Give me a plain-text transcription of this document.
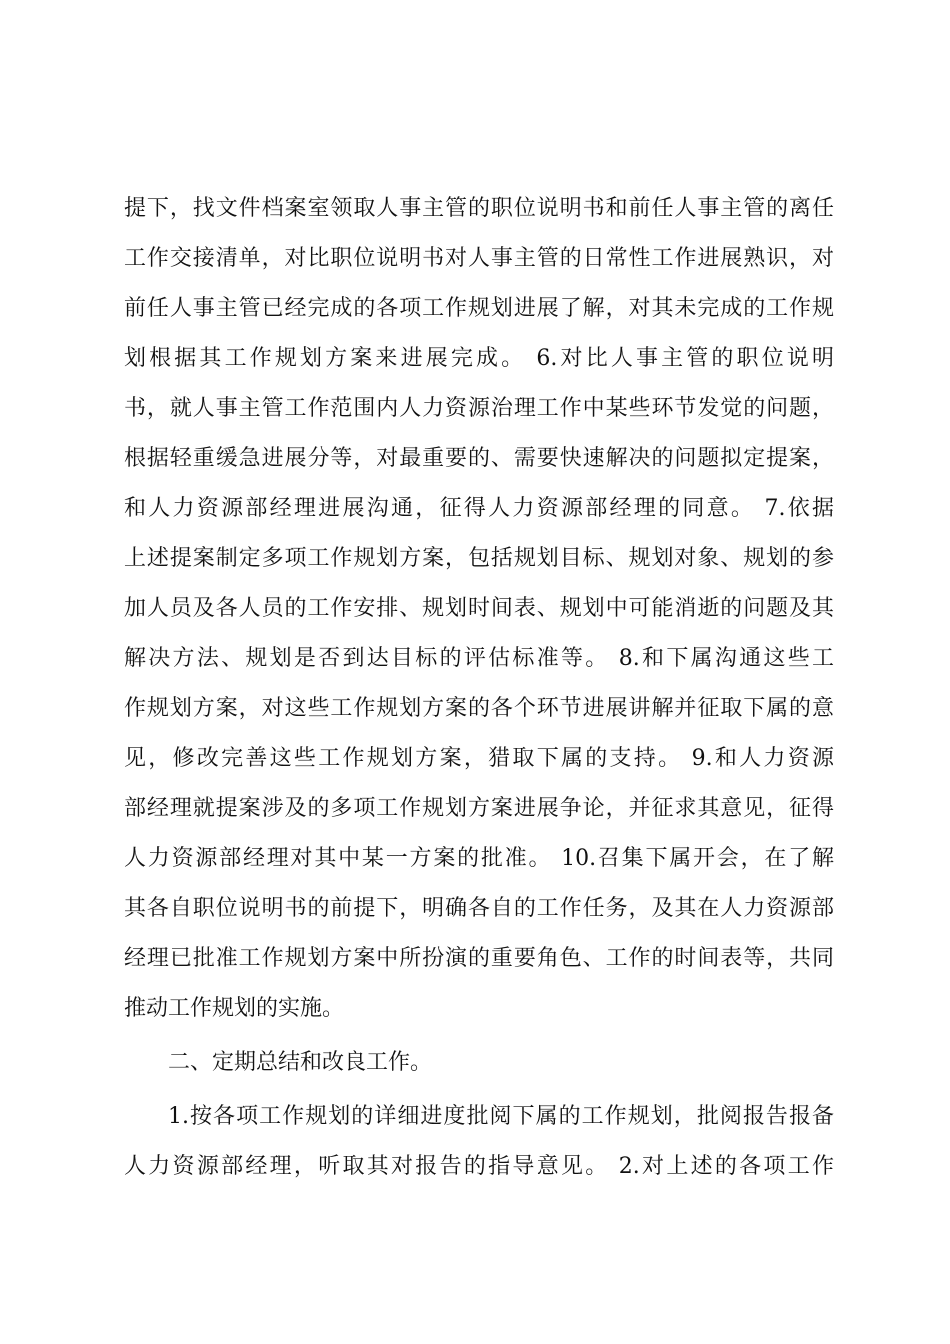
提下，找文件档案室领取人事主管的职位说明书和前任人事主管的离任
工作交接清单，对比职位说明书对人事主管的日常性工作进展熟识，对
前任人事主管已经完成的各项工作规划进展了解，对其未完成的工作规
划根据其工作规划方案来进展完成。 6.对比人事主管的职位说明
书，就人事主管工作范围内人力资源治理工作中某些环节发觉的问题，
根据轻重缓急进展分等，对最重要的、需要快速解决的问题拟定提案，
和人力资源部经理进展沟通，征得人力资源部经理的同意。 7.依据
上述提案制定多项工作规划方案，包括规划目标、规划对象、规划的参
加人员及各人员的工作安排、规划时间表、规划中可能消逝的问题及其
解决方法、规划是否到达目标的评估标准等。 8.和下属沟通这些工
作规划方案，对这些工作规划方案的各个环节进展讲解并征取下属的意
见，修改完善这些工作规划方案，猎取下属的支持。 9.和人力资源
部经理就提案涉及的多项工作规划方案进展争论，并征求其意见，征得
人力资源部经理对其中某一方案的批准。 10.召集下属开会，在了解
其各自职位说明书的前提下，明确各自的工作任务，及其在人力资源部
经理已批准工作规划方案中所扮演的重要角色、工作的时间表等，共同
推动工作规划的实施。
二、定期总结和改良工作。
1.按各项工作规划的详细进度批阅下属的工作规划，批阅报告报备
人力资源部经理，听取其对报告的指导意见。 2.对上述的各项工作
